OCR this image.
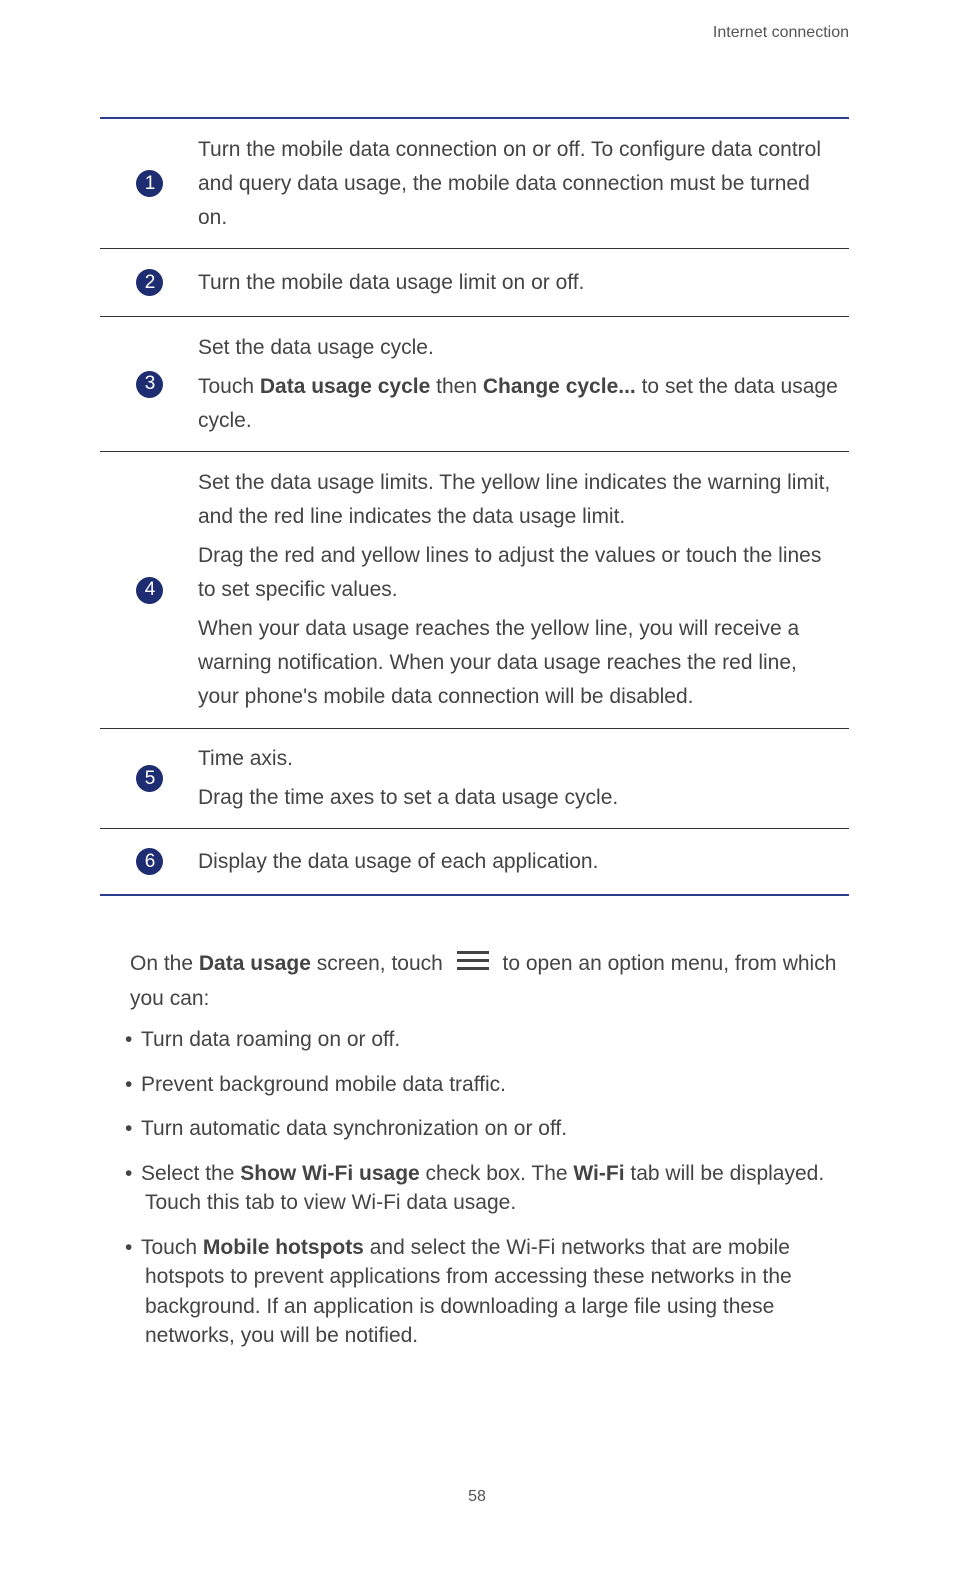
Internet connection
1

Turn the mobile data connection on or off. To configure data control and query data usage, the mobile data connection must be turned on.

2	Turn the mobile data usage limit on or off.

3

Set the data usage cycle.

Touch Data usage cycle then Change cycle... to set the data usage cycle.

4

Set the data usage limits. The yellow line indicates the warning limit, and the red line indicates the data usage limit.

Drag the red and yellow lines to adjust the values or touch the lines to set specific values.

When your data usage reaches the yellow line, you will receive a warning notification. When your data usage reaches the red line, your phone's mobile data connection will be disabled.

5

Time axis.

Drag the time axes to set a data usage cycle.

6	Display the data usage of each application.

On the Data usage screen, touch
to open an option menu, from which you can:
• Turn data roaming on or off.
• Prevent background mobile data traffic.
• Turn automatic data synchronization on or off.
• Select the Show Wi-Fi usage check box. The Wi-Fi tab will be displayed.
Touch this tab to view Wi-Fi data usage.
• Touch Mobile hotspots and select the Wi-Fi networks that are mobile
hotspots to prevent applications from accessing these networks in the
background. If an application is downloading a large file using these
networks, you will be notified.
58
